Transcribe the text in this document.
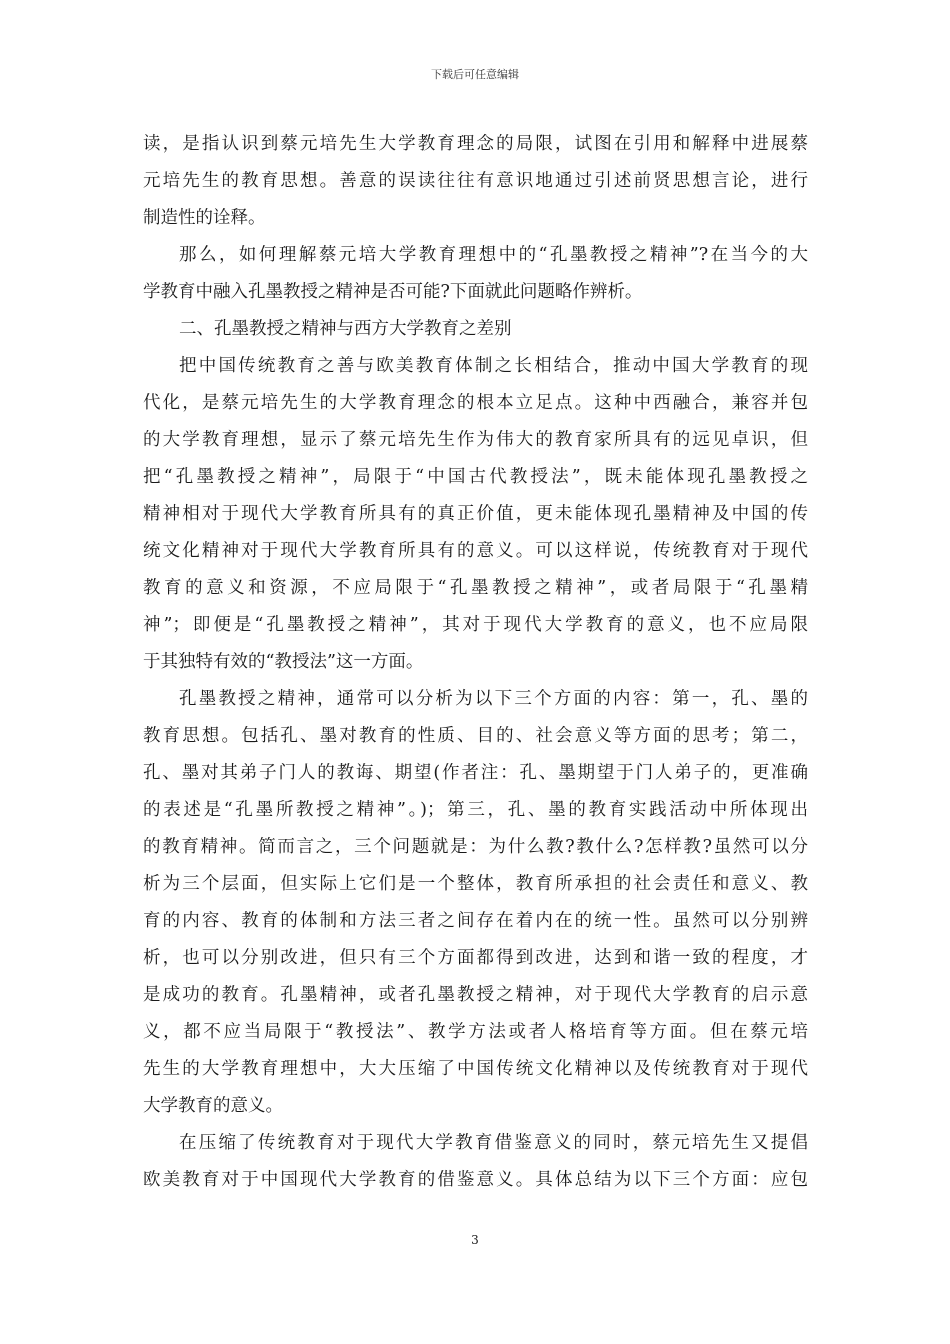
下载后可任意编辑
读，是指认识到蔡元培先生大学教育理念的局限，试图在引用和解释中进展蔡
元培先生的教育思想。善意的误读往往有意识地通过引述前贤思想言论，进行
制造性的诠释。
那么，如何理解蔡元培大学教育理想中的“孔墨教授之精神”?在当今的大
学教育中融入孔墨教授之精神是否可能?下面就此问题略作辨析。
二、孔墨教授之精神与西方大学教育之差别
把中国传统教育之善与欧美教育体制之长相结合，推动中国大学教育的现
代化，是蔡元培先生的大学教育理念的根本立足点。这种中西融合，兼容并包
的大学教育理想，显示了蔡元培先生作为伟大的教育家所具有的远见卓识，但
把“孔墨教授之精神”，局限于“中国古代教授法”，既未能体现孔墨教授之
精神相对于现代大学教育所具有的真正价值，更未能体现孔墨精神及中国的传
统文化精神对于现代大学教育所具有的意义。可以这样说，传统教育对于现代
教育的意义和资源，不应局限于“孔墨教授之精神”，或者局限于“孔墨精
神”；即便是“孔墨教授之精神”，其对于现代大学教育的意义，也不应局限
于其独特有效的“教授法”这一方面。
孔墨教授之精神，通常可以分析为以下三个方面的内容：第一，孔、墨的
教育思想。包括孔、墨对教育的性质、目的、社会意义等方面的思考；第二，
孔、墨对其弟子门人的教诲、期望(作者注：孔、墨期望于门人弟子的，更准确
的表述是“孔墨所教授之精神”。)；第三，孔、墨的教育实践活动中所体现出
的教育精神。简而言之，三个问题就是：为什么教?教什么?怎样教?虽然可以分
析为三个层面，但实际上它们是一个整体，教育所承担的社会责任和意义、教
育的内容、教育的体制和方法三者之间存在着内在的统一性。虽然可以分别辨
析，也可以分别改进，但只有三个方面都得到改进，达到和谐一致的程度，才
是成功的教育。孔墨精神，或者孔墨教授之精神，对于现代大学教育的启示意
义，都不应当局限于“教授法”、教学方法或者人格培育等方面。但在蔡元培
先生的大学教育理想中，大大压缩了中国传统文化精神以及传统教育对于现代
大学教育的意义。
在压缩了传统教育对于现代大学教育借鉴意义的同时，蔡元培先生又提倡
欧美教育对于中国现代大学教育的借鉴意义。具体总结为以下三个方面：应包
3
